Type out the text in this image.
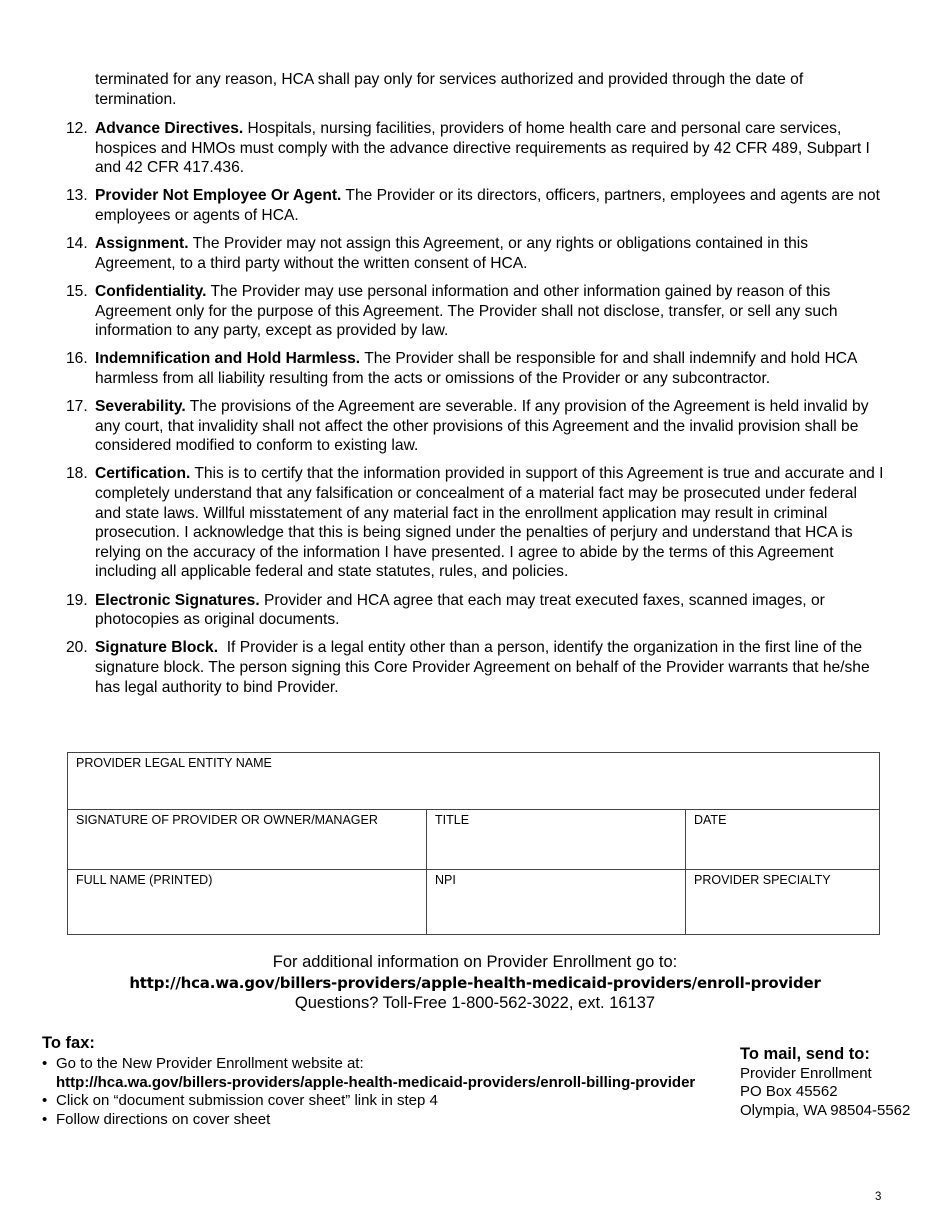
terminated for any reason, HCA shall pay only for services authorized and provided through the date of termination.
12. Advance Directives. Hospitals, nursing facilities, providers of home health care and personal care services, hospices and HMOs must comply with the advance directive requirements as required by 42 CFR 489, Subpart I and 42 CFR 417.436.
13. Provider Not Employee Or Agent. The Provider or its directors, officers, partners, employees and agents are not employees or agents of HCA.
14. Assignment. The Provider may not assign this Agreement, or any rights or obligations contained in this Agreement, to a third party without the written consent of HCA.
15. Confidentiality. The Provider may use personal information and other information gained by reason of this Agreement only for the purpose of this Agreement. The Provider shall not disclose, transfer, or sell any such information to any party, except as provided by law.
16. Indemnification and Hold Harmless. The Provider shall be responsible for and shall indemnify and hold HCA harmless from all liability resulting from the acts or omissions of the Provider or any subcontractor.
17. Severability. The provisions of the Agreement are severable. If any provision of the Agreement is held invalid by any court, that invalidity shall not affect the other provisions of this Agreement and the invalid provision shall be considered modified to conform to existing law.
18. Certification. This is to certify that the information provided in support of this Agreement is true and accurate and I completely understand that any falsification or concealment of a material fact may be prosecuted under federal and state laws. Willful misstatement of any material fact in the enrollment application may result in criminal prosecution. I acknowledge that this is being signed under the penalties of perjury and understand that HCA is relying on the accuracy of the information I have presented. I agree to abide by the terms of this Agreement including all applicable federal and state statutes, rules, and policies.
19. Electronic Signatures. Provider and HCA agree that each may treat executed faxes, scanned images, or photocopies as original documents.
20. Signature Block.  If Provider is a legal entity other than a person, identify the organization in the first line of the signature block. The person signing this Core Provider Agreement on behalf of the Provider warrants that he/she has legal authority to bind Provider.
PROVIDER LEGAL ENTITY NAME		
SIGNATURE OF PROVIDER OR OWNER/MANAGER	TITLE	DATE
FULL NAME (PRINTED)	NPI	PROVIDER SPECIALTY
For additional information on Provider Enrollment go to:
http://hca.wa.gov/billers-providers/apple-health-medicaid-providers/enroll-provider
Questions? Toll-Free 1-800-562-3022, ext. 16137
To fax:
• Go to the New Provider Enrollment website at:
http://hca.wa.gov/billers-providers/apple-health-medicaid-providers/enroll-billing-provider
• Click on “document submission cover sheet” link in step 4
• Follow directions on cover sheet
To mail, send to:
Provider Enrollment
PO Box 45562
Olympia, WA 98504-5562
3
